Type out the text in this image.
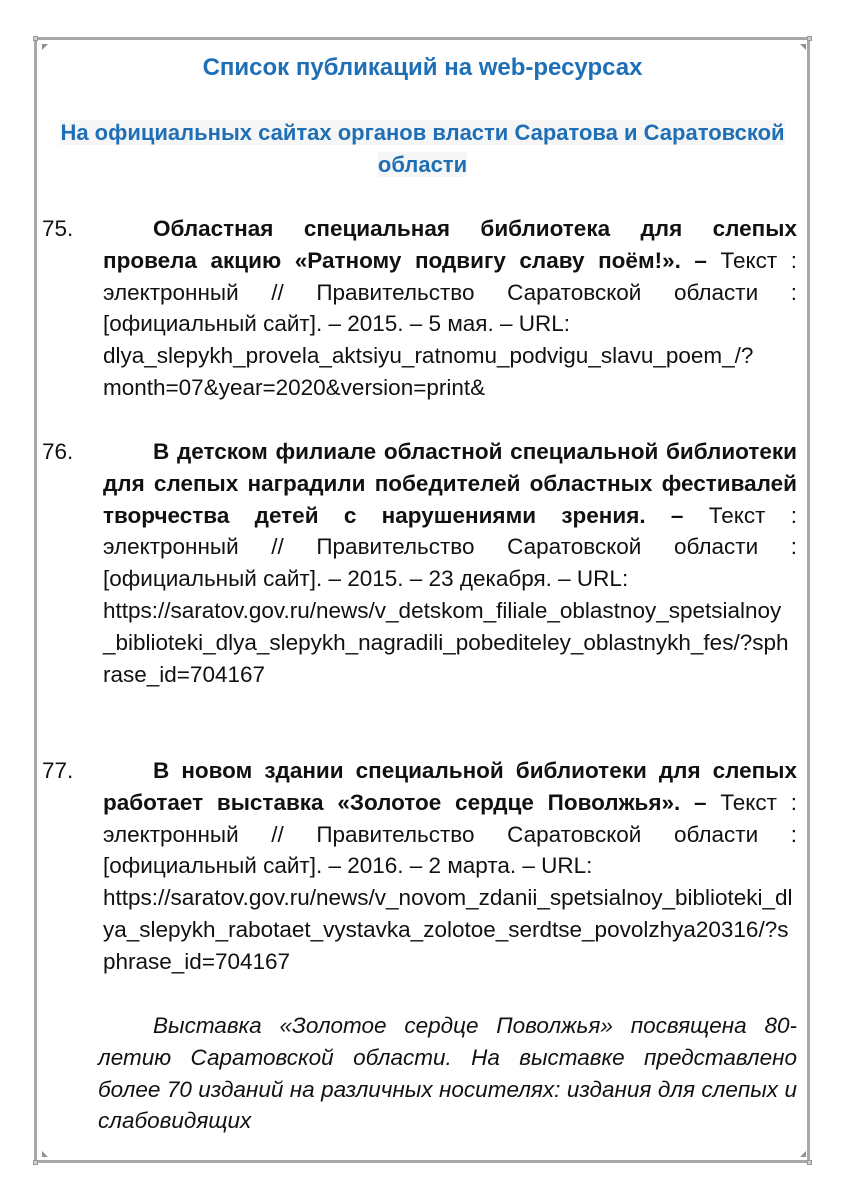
Список публикаций на web-ресурсах
На официальных сайтах органов власти Саратова и Саратовской области
75.	Областная специальная библиотека для слепых провела акцию «Ратному подвигу славу поём!». – Текст : электронный // Правительство Саратовской области : [официальный сайт]. – 2015. – 5 мая. – URL:
dlya_slepykh_provela_aktsiyu_ratnomu_podvigu_slavu_poem_/?month=07&year=2020&version=print&
76.	В детском филиале областной специальной библиотеки для слепых наградили победителей областных фестивалей творчества детей с нарушениями зрения. – Текст : электронный // Правительство Саратовской области : [официальный сайт]. – 2015. – 23 декабря. – URL:
https://saratov.gov.ru/news/v_detskom_filiale_oblastnoy_spetsialnoy_biblioteki_dlya_slepykh_nagradili_pobediteley_oblastnykh_fes/?sphrase_id=704167
77.	В новом здании специальной библиотеки для слепых работает выставка «Золотое сердце Поволжья». – Текст : электронный // Правительство Саратовской области : [официальный сайт]. – 2016. – 2 марта. – URL:
https://saratov.gov.ru/news/v_novom_zdanii_spetsialnoy_biblioteki_dlya_slepykh_rabotaet_vystavka_zolotoe_serdtse_povolzhya20316/?sphrase_id=704167
Выставка «Золотое сердце Поволжья» посвящена 80-летию Саратовской области. На выставке представлено более 70 изданий на различных носителях: издания для слепых и слабовидящих
